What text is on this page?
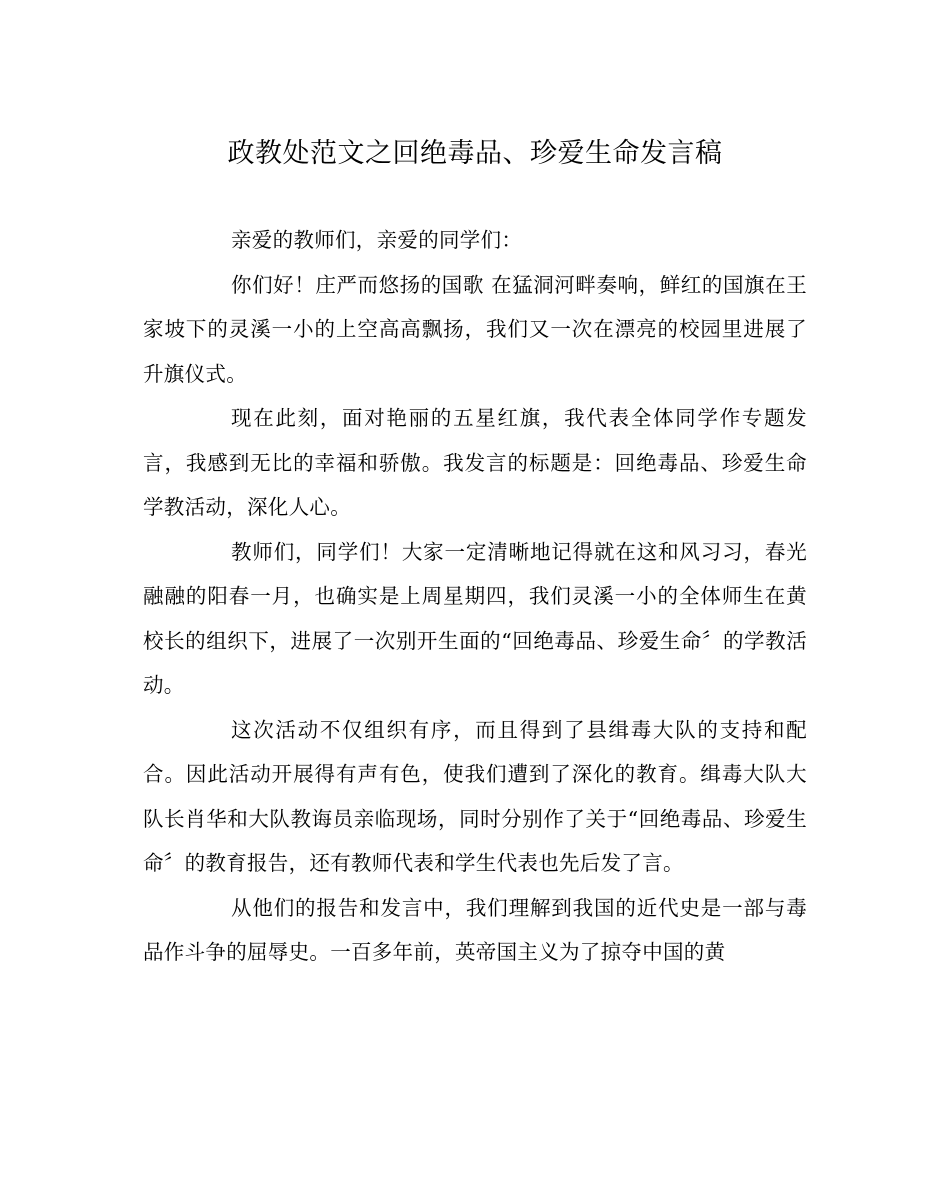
政教处范文之回绝毒品、珍爱生命发言稿

亲爱的教师们，亲爱的同学们：

你们好！庄严而悠扬的国歌 在猛洞河畔奏响，鲜红的国旗在王家坡下的灵溪一小的上空高高飘扬，我们又一次在漂亮的校园里进展了升旗仪式。

现在此刻，面对艳丽的五星红旗，我代表全体同学作专题发言，我感到无比的幸福和骄傲。我发言的标题是：回绝毒品、珍爱生命学教活动，深化人心。

教师们，同学们！大家一定清晰地记得就在这和风习习，春光融融的阳春一月，也确实是上周星期四，我们灵溪一小的全体师生在黄校长的组织下，进展了一次别开生面的“回绝毒品、珍爱生命〞的学教活动。

这次活动不仅组织有序，而且得到了县缉毒大队的支持和配合。因此活动开展得有声有色，使我们遭到了深化的教育。缉毒大队大队长肖华和大队教诲员亲临现场，同时分别作了关于“回绝毒品、珍爱生命〞的教育报告，还有教师代表和学生代表也先后发了言。

从他们的报告和发言中，我们理解到我国的近代史是一部与毒品作斗争的屈辱史。一百多年前，英帝国主义为了掠夺中国的黄
